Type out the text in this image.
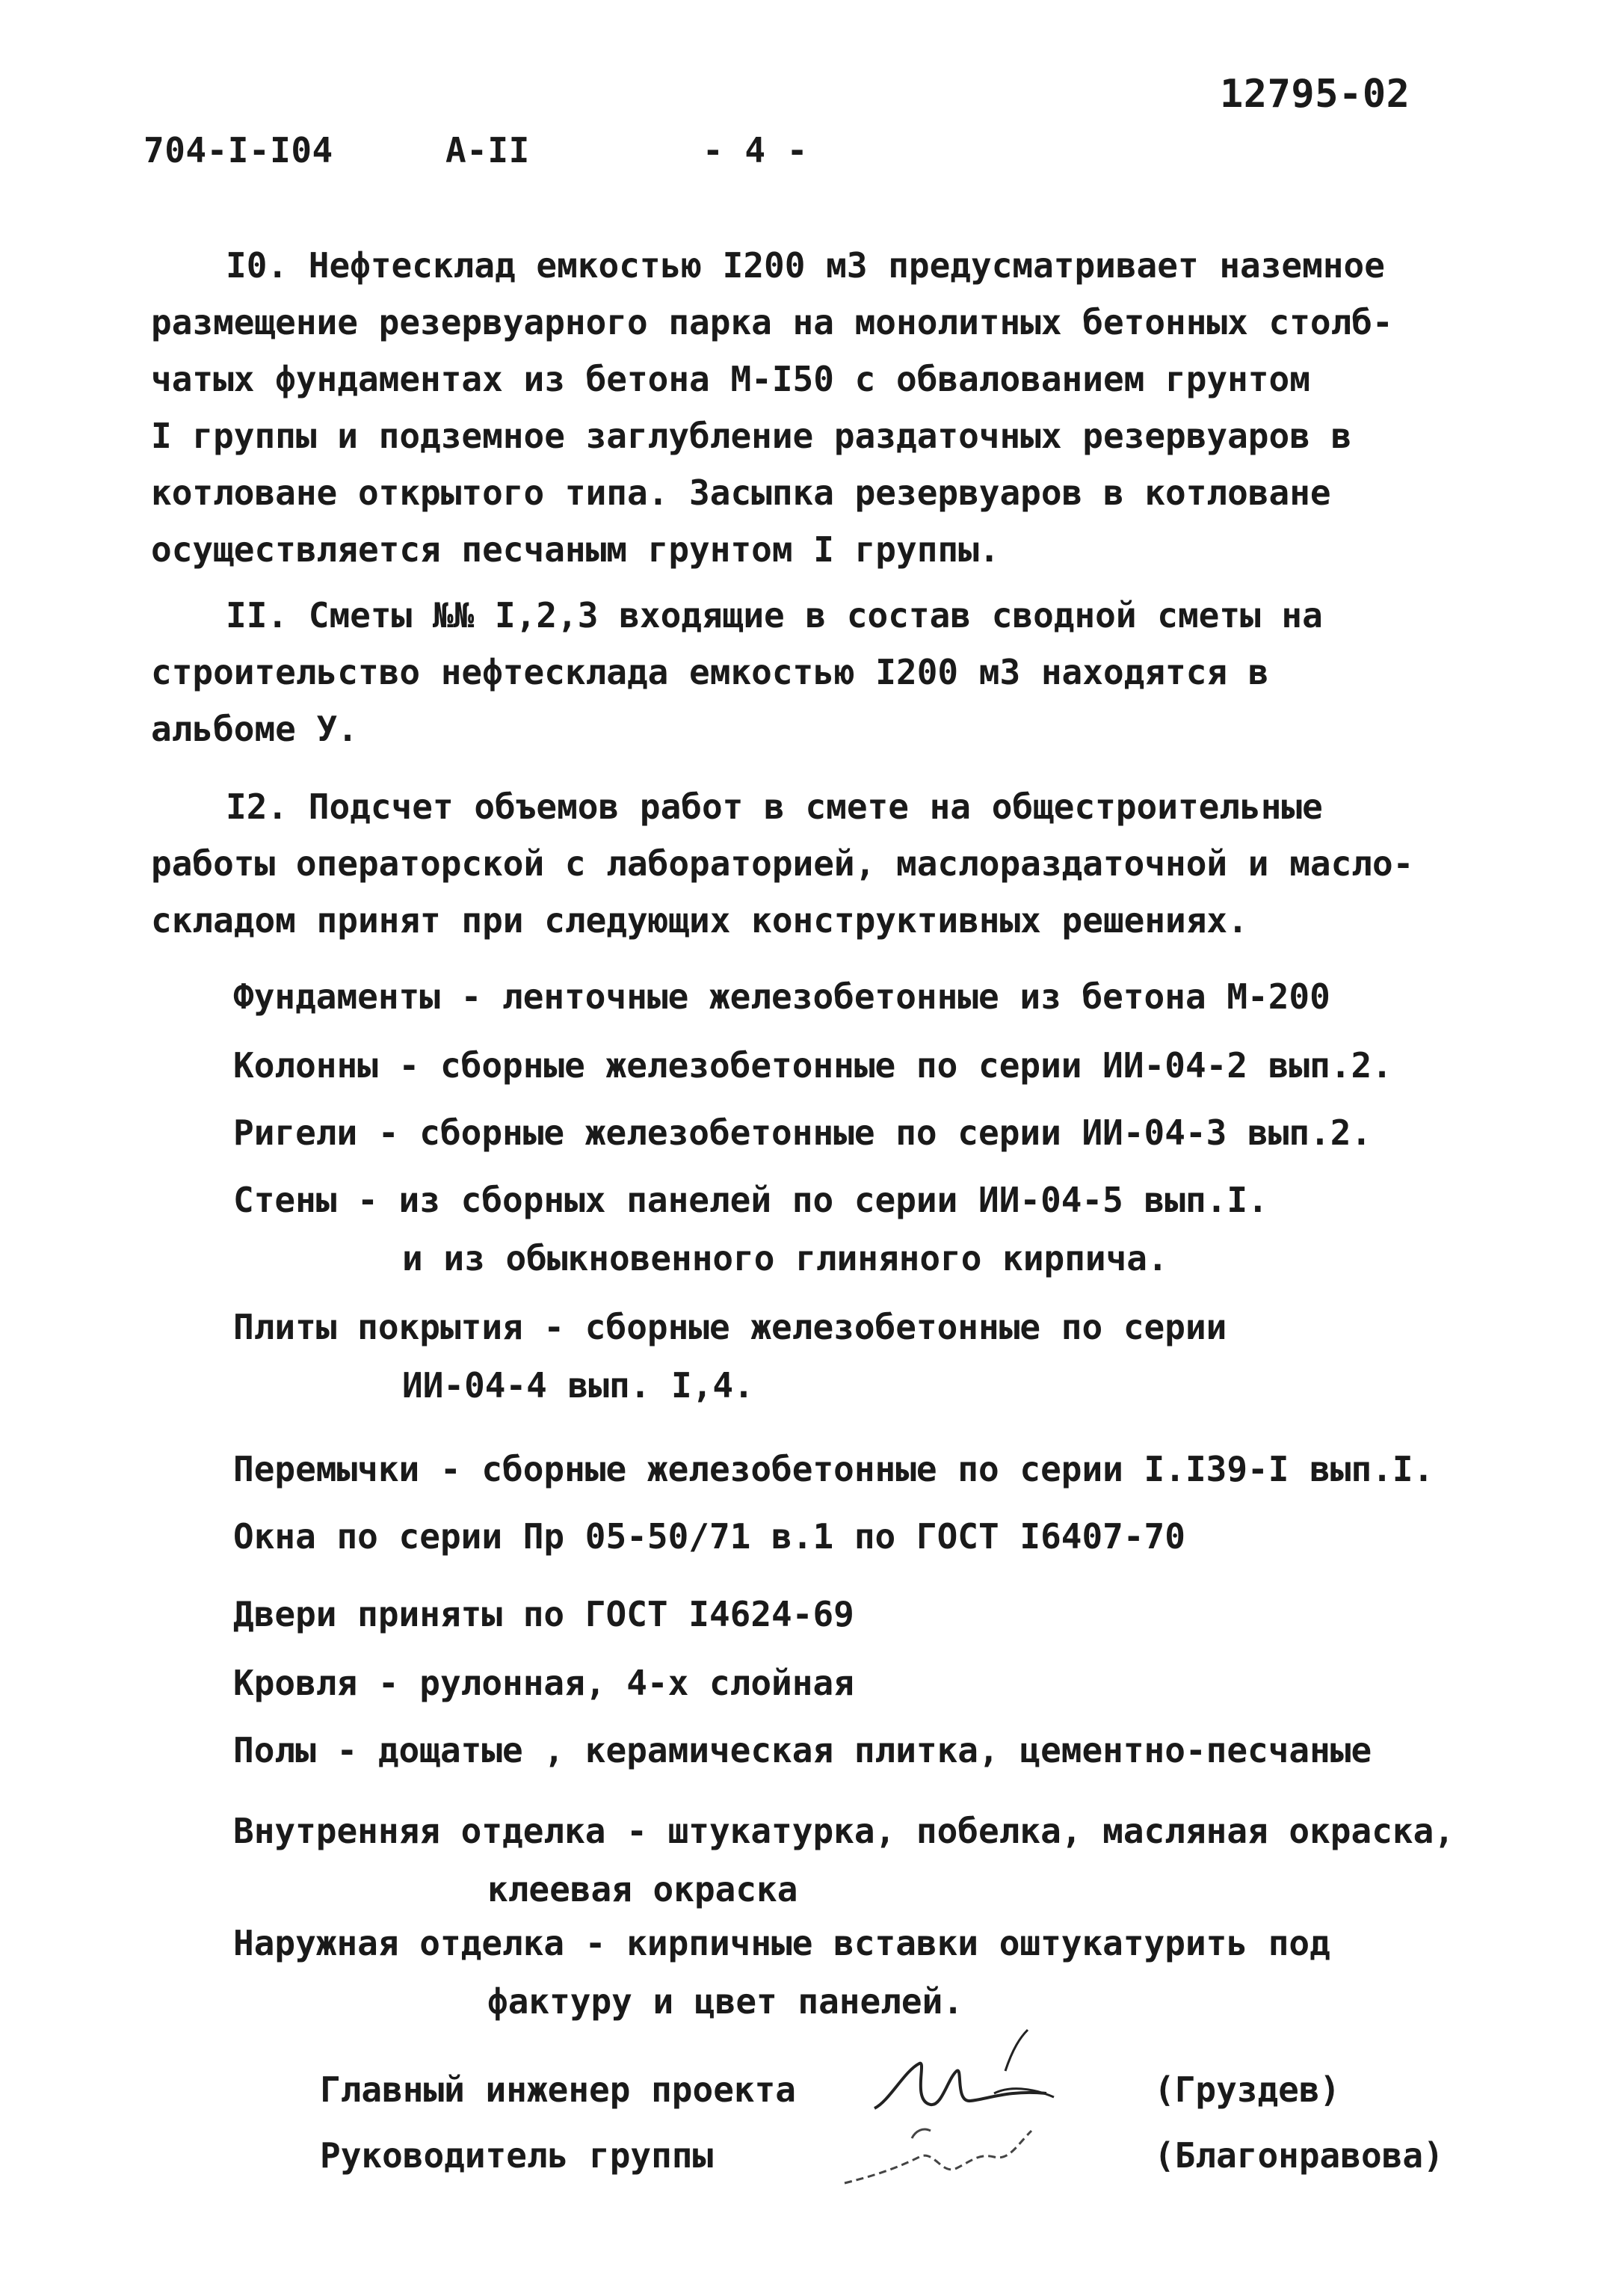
12795-02
704-I-I04	А-II	- 4 -
I0. Нефтесклад емкостью I200 м3 предусматривает наземное
размещение резервуарного парка на монолитных бетонных столб-
чатых фундаментах из бетона М-I50 с обвалованием грунтом
I группы и подземное заглубление раздаточных резервуаров в
котловане открытого типа. Засыпка резервуаров в котловане
осуществляется песчаным грунтом I группы.
II. Сметы №№ I,2,3 входящие в состав сводной сметы на
строительство нефтесклада емкостью I200 м3 находятся в
альбоме У.
I2. Подсчет объемов работ в смете на общестроительные
работы операторской с лабораторией, маслораздаточной и масло-
складом принят при следующих конструктивных решениях.
Фундаменты - ленточные железобетонные из бетона М-200
Колонны - сборные железобетонные по серии ИИ-04-2 вып.2.
Ригели - сборные железобетонные по серии ИИ-04-3 вып.2.
Стены - из сборных панелей по серии ИИ-04-5 вып.I.
и из обыкновенного глиняного кирпича.
Плиты покрытия - сборные железобетонные по серии
ИИ-04-4 вып. I,4.
Перемычки - сборные железобетонные по серии I.I39-I вып.I.
Окна по серии Пр 05-50/71 в.1 по ГОСТ I6407-70
Двери приняты по ГОСТ I4624-69
Кровля - рулонная, 4-х слойная
Полы - дощатые , керамическая плитка, цементно-песчаные
Внутренняя отделка - штукатурка, побелка, масляная окраска,
клеевая окраска
Наружная отделка - кирпичные вставки оштукатурить под
фактуру и цвет панелей.
Главный инженер проекта	(Груздев)
Руководитель группы	(Благонравова)
